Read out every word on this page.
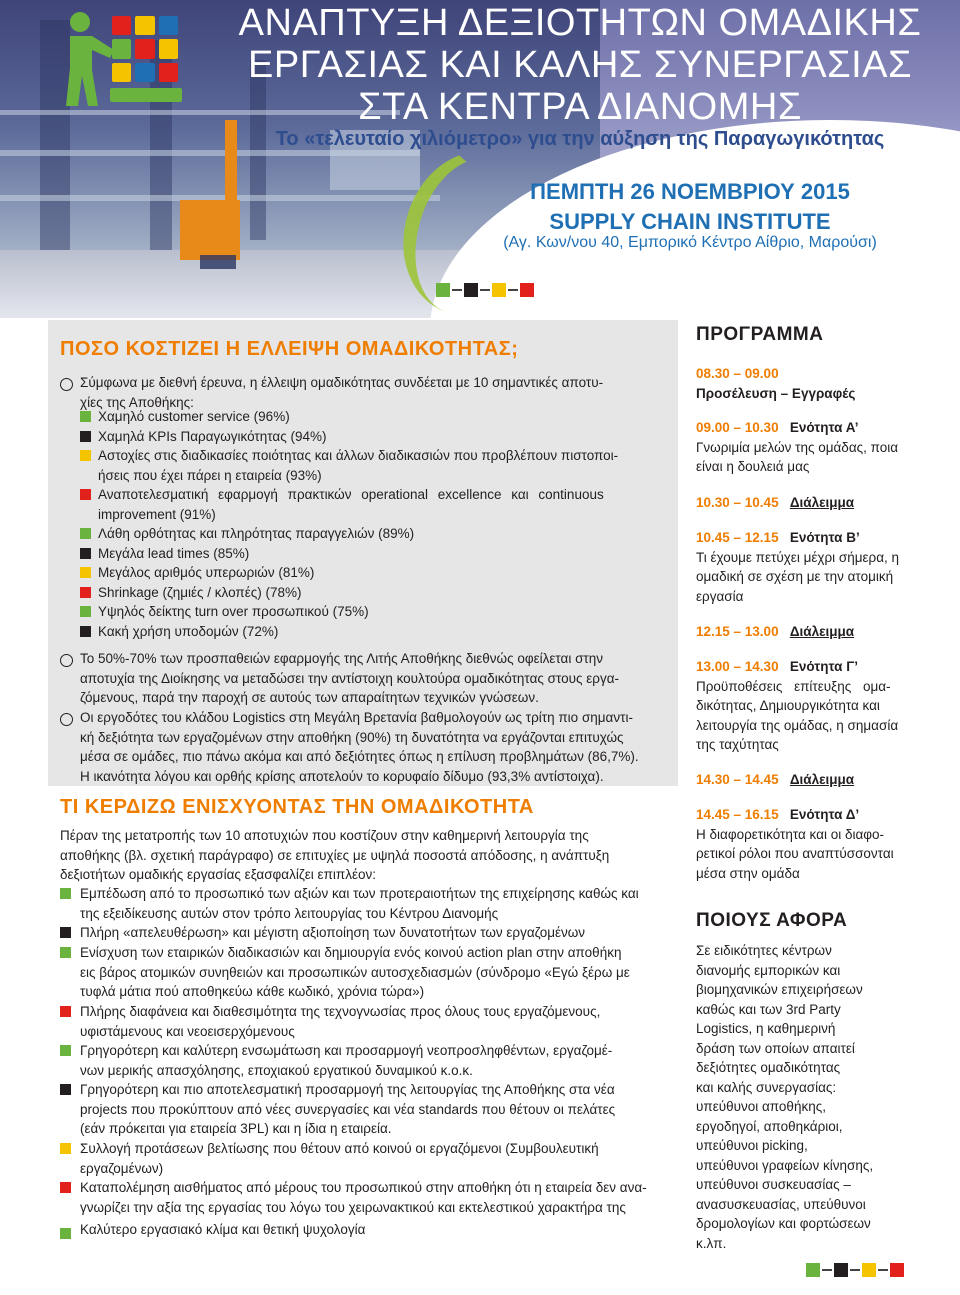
ΑΝΑΠΤΥΞΗ ΔΕΞΙΟΤΗΤΩΝ ΟΜΑΔΙΚΗΣ
ΕΡΓΑΣΙΑΣ ΚΑΙ ΚΑΛΗΣ ΣΥΝΕΡΓΑΣΙΑΣ
ΣΤΑ ΚΕΝΤΡΑ ΔΙΑΝΟΜΗΣ
Το «τελευταίο χιλιόμετρο» για την αύξηση της Παραγωγικότητας
ΠΕΜΠΤΗ 26 ΝΟΕΜΒΡΙΟΥ 2015
SUPPLY CHAIN INSTITUTE
(Αγ. Κων/νου 40, Εμπορικό Κέντρο Αίθριο, Μαρούσι)
ΠΟΣΟ ΚΟΣΤΙΖΕΙ Η ΕΛΛΕΙΨΗ ΟΜΑΔΙΚΟΤΗΤΑΣ;
Σύμφωνα με διεθνή έρευνα, η έλλειψη ομαδικότητας συνδέεται με 10 σημαντικές αποτυ-
χίες της Αποθήκης:
Χαμηλό customer service (96%)
Χαμηλά KPIs Παραγωγικότητας (94%)
Αστοχίες στις διαδικασίες ποιότητας και άλλων διαδικασιών που προβλέπουν πιστοποι-
ήσεις που έχει πάρει η εταιρεία (93%)
Αναποτελεσματική εφαρμογή πρακτικών operational excellence και continuous
improvement (91%)
Λάθη ορθότητας και πληρότητας παραγγελιών (89%)
Μεγάλα lead times (85%)
Μεγάλος αριθμός υπερωριών (81%)
Shrinkage (ζημιές / κλοπές) (78%)
Υψηλός δείκτης turn over προσωπικού (75%)
Κακή χρήση υποδομών (72%)
Το 50%-70% των προσπαθειών εφαρμογής της Λιτής Αποθήκης διεθνώς οφείλεται στην
αποτυχία της Διοίκησης να μεταδώσει την αντίστοιχη κουλτούρα ομαδικότητας στους εργα-
ζόμενους, παρά την παροχή σε αυτούς των απαραίτητων τεχνικών γνώσεων.
Οι εργοδότες του κλάδου Logistics στη Μεγάλη Βρετανία βαθμολογούν ως τρίτη πιο σημαντι-
κή δεξιότητα των εργαζομένων στην αποθήκη (90%) τη δυνατότητα να εργάζονται επιτυχώς
μέσα σε ομάδες, πιο πάνω ακόμα και από δεξιότητες όπως η επίλυση προβλημάτων (86,7%).
Η ικανότητα λόγου και ορθής κρίσης αποτελούν το κορυφαίο δίδυμο (93,3% αντίστοιχα).
ΤΙ ΚΕΡΔΙΖΩ ΕΝΙΣΧΥΟΝΤΑΣ ΤΗΝ ΟΜΑΔΙΚΟΤΗΤΑ
Πέραν της μετατροπής των 10 αποτυχιών που κοστίζουν στην καθημερινή λειτουργία της
αποθήκης (βλ. σχετική παράγραφο) σε επιτυχίες με υψηλά ποσοστά απόδοσης, η ανάπτυξη
δεξιοτήτων ομαδικής εργασίας εξασφαλίζει επιπλέον:
Εμπέδωση από το προσωπικό των αξιών και των προτεραιοτήτων της επιχείρησης καθώς και
της εξειδίκευσης αυτών στον τρόπο λειτουργίας του Κέντρου Διανομής
Πλήρη «απελευθέρωση» και μέγιστη αξιοποίηση των δυνατοτήτων των εργαζομένων
Ενίσχυση των εταιρικών διαδικασιών και δημιουργία ενός κοινού action plan στην αποθήκη
εις βάρος ατομικών συνηθειών και προσωπικών αυτοσχεδιασμών (σύνδρομο «Εγώ ξέρω με
τυφλά μάτια πού αποθηκεύω κάθε κωδικό, χρόνια τώρα»)
Πλήρης διαφάνεια και διαθεσιμότητα της τεχνογνωσίας προς όλους τους εργαζόμενους,
υφιστάμενους και νεοεισερχόμενους
Γρηγορότερη και καλύτερη ενσωμάτωση και προσαρμογή νεοπροσληφθέντων, εργαζομέ-
νων μερικής απασχόλησης, εποχιακού εργατικού δυναμικού κ.ο.κ.
Γρηγορότερη και πιο αποτελεσματική προσαρμογή της λειτουργίας της Αποθήκης στα νέα
projects που προκύπτουν από νέες συνεργασίες και νέα standards που θέτουν οι πελάτες
(εάν πρόκειται για εταιρεία 3PL) και η ίδια η εταιρεία.
Συλλογή προτάσεων βελτίωσης που θέτουν από κοινού οι εργαζόμενοι (Συμβουλευτική
εργαζομένων)
Καταπολέμηση αισθήματος από μέρους του προσωπικού στην αποθήκη ότι η εταιρεία δεν ανα-
γνωρίζει την αξία της εργασίας του λόγω του χειρωνακτικού και εκτελεστικού χαρακτήρα της
Καλύτερο εργασιακό κλίμα και θετική ψυχολογία
ΠΡΟΓΡΑΜΜΑ
08.30 – 09.00
Προσέλευση – Εγγραφές
09.00 – 10.30 Ενότητα Α’
Γνωριμία μελών της ομάδας, ποια
είναι η δουλειά μας
10.30 – 10.45 Διάλειμμα
10.45 – 12.15 Ενότητα Β’
Τι έχουμε πετύχει μέχρι σήμερα, η
ομαδική σε σχέση με την ατομική
εργασία
12.15 – 13.00 Διάλειμμα
13.00 – 14.30 Ενότητα Γ’
Προϋποθέσεις επίτευξης ομα-
δικότητας, Δημιουργικότητα και
λειτουργία της ομάδας, η σημασία
της ταχύτητας
14.30 – 14.45 Διάλειμμα
14.45 – 16.15 Ενότητα Δ’
Η διαφορετικότητα και οι διαφο-
ρετικοί ρόλοι που αναπτύσσονται
μέσα στην ομάδα
ΠΟΙΟΥΣ ΑΦΟΡΑ
Σε ειδικότητες κέντρων
διανομής εμπορικών και
βιομηχανικών επιχειρήσεων
καθώς και των 3rd Party
Logistics, η καθημερινή
δράση των οποίων απαιτεί
δεξιότητες ομαδικότητας
και καλής συνεργασίας:
υπεύθυνοι αποθήκης,
εργοδηγοί, αποθηκάριοι,
υπεύθυνοι picking,
υπεύθυνοι γραφείων κίνησης,
υπεύθυνοι συσκευασίας –
ανασυσκευασίας, υπεύθυνοι
δρομολογίων και φορτώσεων
κ.λπ.
